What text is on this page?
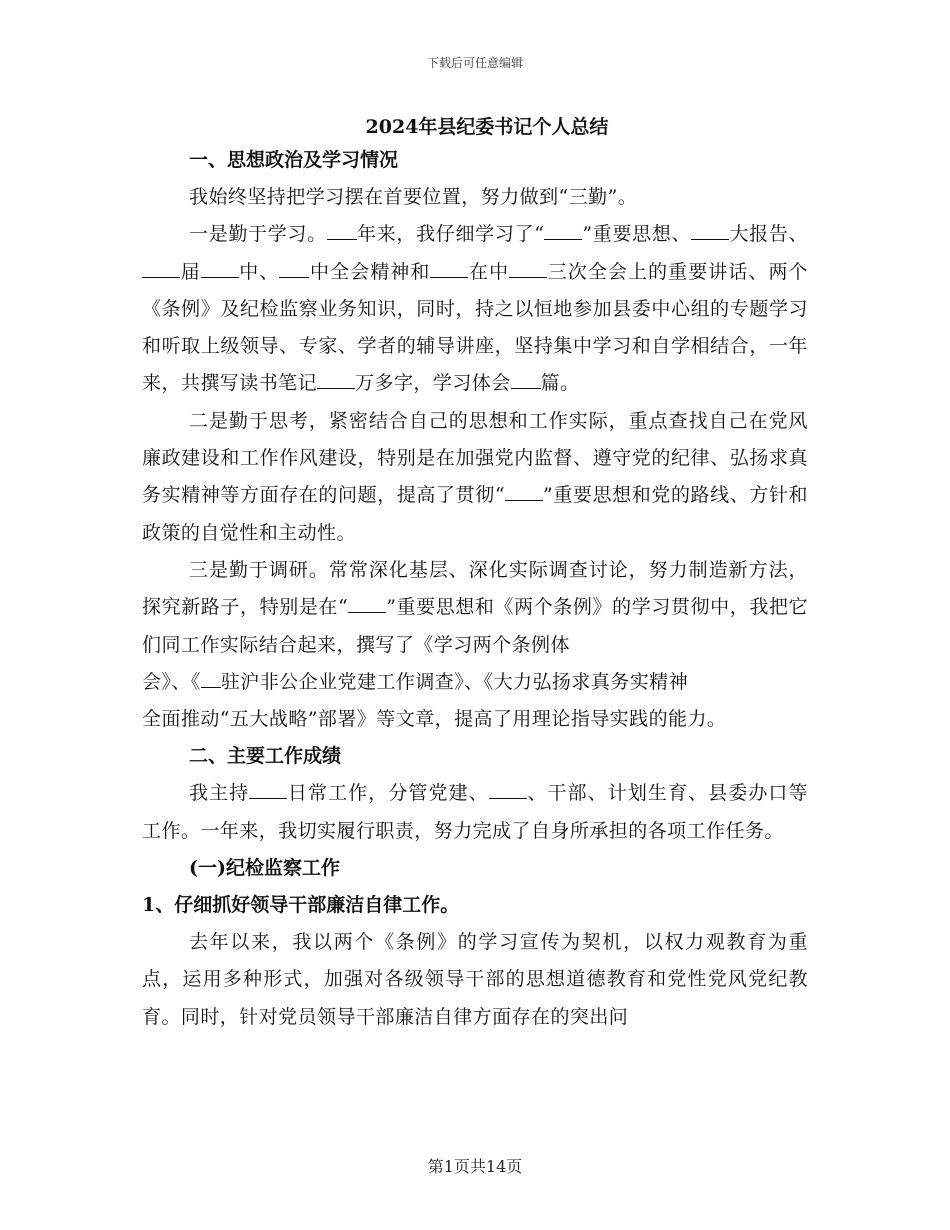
下载后可任意编辑
2024年县纪委书记个人总结

一、思想政治及学习情况

我始终坚持把学习摆在首要位置，努力做到“三勤”。

一是勤于学习。 年来，我仔细学习了“ ”重要思想、 大报告、届 中、 中全会精神和 在中 三次全会上的重要讲话、两个《条例》及纪检监察业务知识，同时，持之以恒地参加县委中心组的专题学习和听取上级领导、专家、学者的辅导讲座，坚持集中学习和自学相结合，一年来，共撰写读书笔记 万多字，学习体会 篇。

二是勤于思考，紧密结合自己的思想和工作实际，重点查找自己在党风廉政建设和工作作风建设，特别是在加强党内监督、遵守党的纪律、弘扬求真务实精神等方面存在的问题，提高了贯彻“ ”重要思想和党的路线、方针和政策的自觉性和主动性。

三是勤于调研。常常深化基层、深化实际调查讨论，努力制造新方法，探究新路子，特别是在“ ”重要思想和《两个条例》的学习贯彻中，我把它们同工作实际结合起来，撰写了《学习两个条例体

会》、《 驻沪非公企业党建工作调查》、《大力弘扬求真务实精神

全面推动“五大战略”部署》等文章，提高了用理论指导实践的能力。

二、主要工作成绩

我主持 日常工作，分管党建、 、干部、计划生育、县委办口等工作。一年来，我切实履行职责，努力完成了自身所承担的各项工作任务。

(一)纪检监察工作

1、仔细抓好领导干部廉洁自律工作。

去年以来，我以两个《条例》的学习宣传为契机，以权力观教育为重点，运用多种形式，加强对各级领导干部的思想道德教育和党性党风党纪教育。同时，针对党员领导干部廉洁自律方面存在的突出问

第1页共14页
